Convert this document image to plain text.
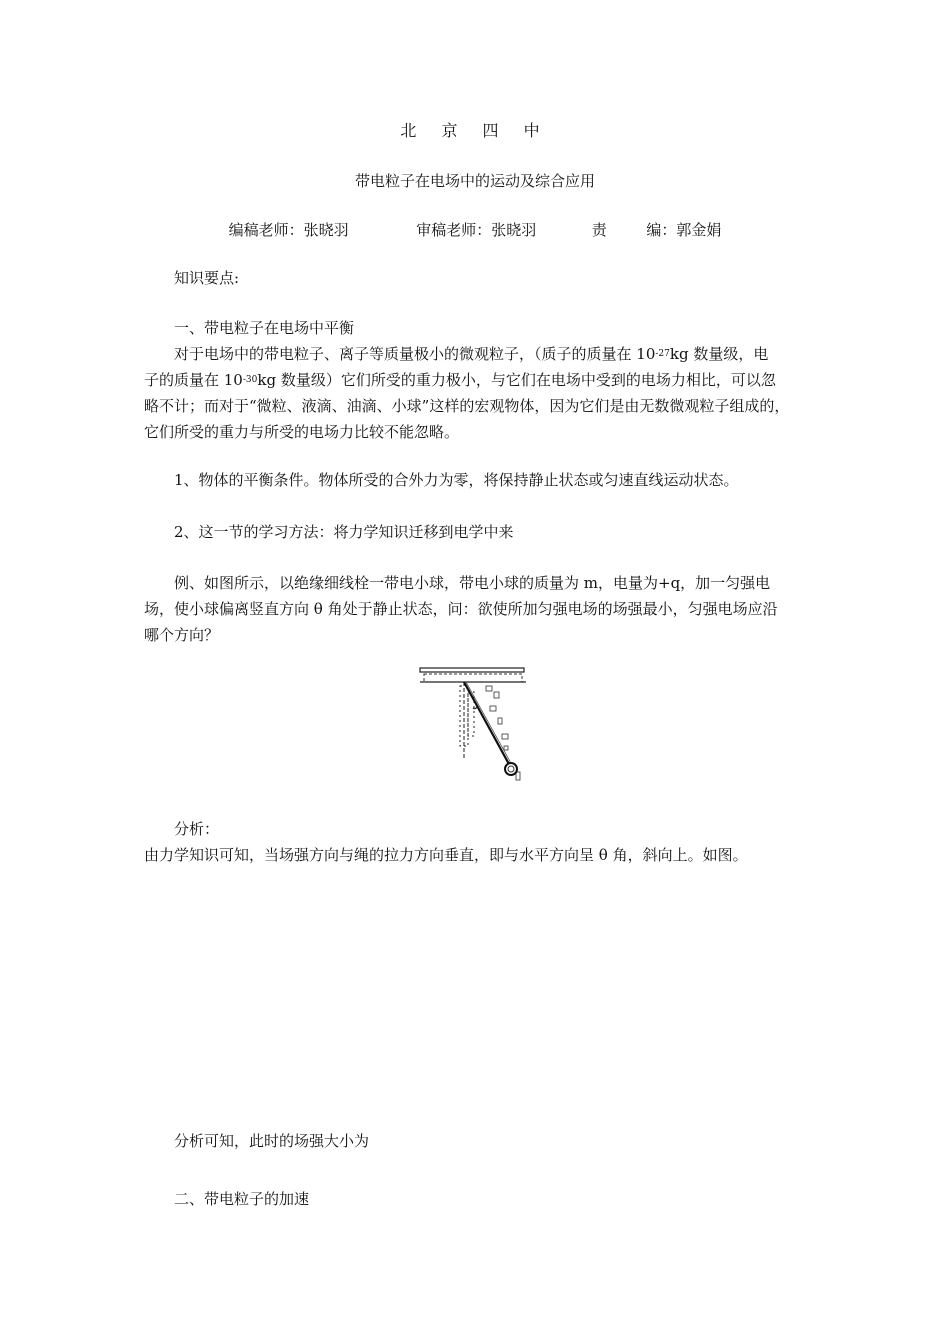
北 京 四 中
带电粒子在电场中的运动及综合应用
编稿老师：张晓羽	审稿老师：张晓羽	责	编：郭金娟
知识要点:
一、带电粒子在电场中平衡
对于电场中的带电粒子、离子等质量极小的微观粒子，（质子的质量在 $10^{-27}kg$ 数量级，电
子的质量在 $10^{-30}kg$ 数量级）它们所受的重力极小，与它们在电场中受到的电场力相比，可以忽
略不计；而对于“微粒、液滴、油滴、小球”这样的宏观物体，因为它们是由无数微观粒子组成的，
它们所受的重力与所受的电场力比较不能忽略。
1、物体的平衡条件。物体所受的合外力为零，将保持静止状态或匀速直线运动状态。
2、这一节的学习方法：将力学知识迁移到电学中来
例、如图所示，以绝缘细线栓一带电小球，带电小球的质量为 m，电量为+q，加一匀强电
场，使小球偏离竖直方向 θ 角处于静止状态，问：欲使所加匀强电场的场强最小，匀强电场应沿
哪个方向？
分析：
由力学知识可知，当场强方向与绳的拉力方向垂直，即与水平方向呈 θ 角，斜向上。如图。
分析可知，此时的场强大小为
二、带电粒子的加速
